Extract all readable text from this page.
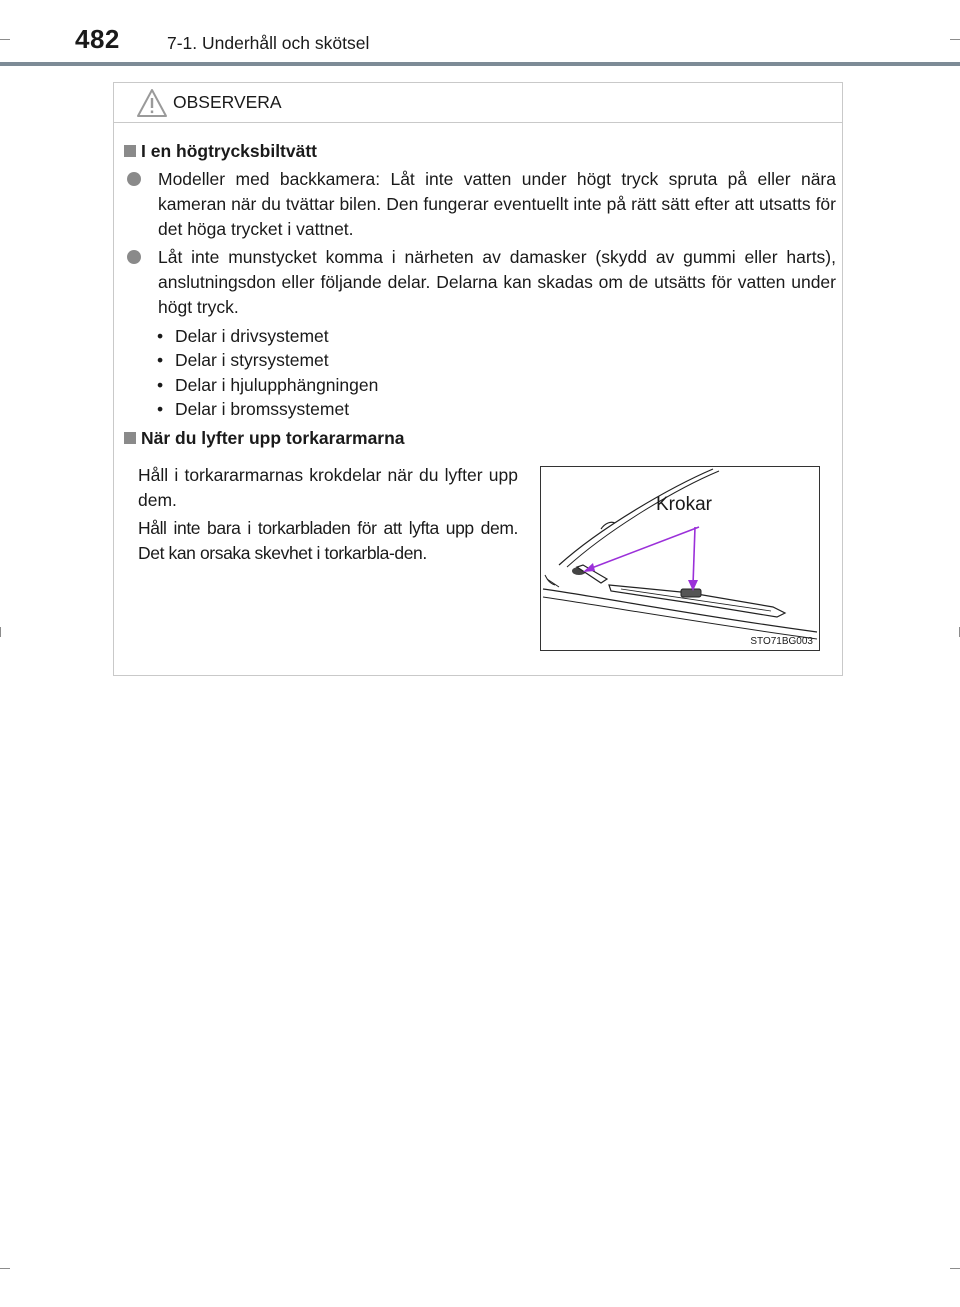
482	7-1. Underhåll och skötsel
OBSERVERA
I en högtrycksbiltvätt
Modeller med backkamera: Låt inte vatten under högt tryck spruta på eller nära kameran när du tvättar bilen. Den fungerar eventuellt inte på rätt sätt efter att utsatts för det höga trycket i vattnet.
Låt inte munstycket komma i närheten av damasker (skydd av gummi eller harts), anslutningsdon eller följande delar. Delarna kan skadas om de utsätts för vatten under högt tryck.
• Delar i drivsystemet
• Delar i styrsystemet
• Delar i hjulupphängningen
• Delar i bromssystemet
När du lyfter upp torkararmarna
Håll i torkararmarnas krokdelar när du lyfter upp dem.
Håll inte bara i torkarbladen för att lyfta upp dem. Det kan orsaka skevhet i torkarbla-den.
Krokar
STO71BG003
